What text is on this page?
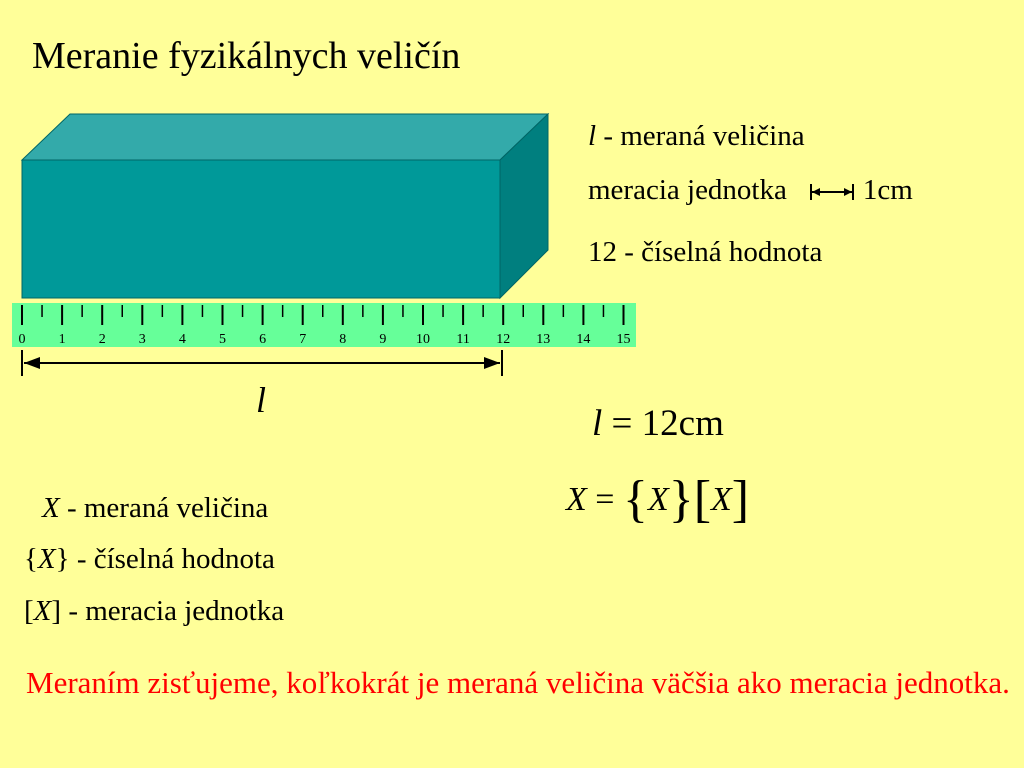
Meranie fyzikálnych veličín
0 1 2 3 4 5 6 7 8 9 10 11 12 13 14 15
l
l - meraná veličina
meracia jednotka	1cm
12 - číselná hodnota
l = 12cm
X = {X}[X]
X - meraná veličina
{X} - číselná hodnota
[X] - meracia jednotka
Meraním zisťujeme, koľkokrát je meraná veličina väčšia ako meracia jednotka.
